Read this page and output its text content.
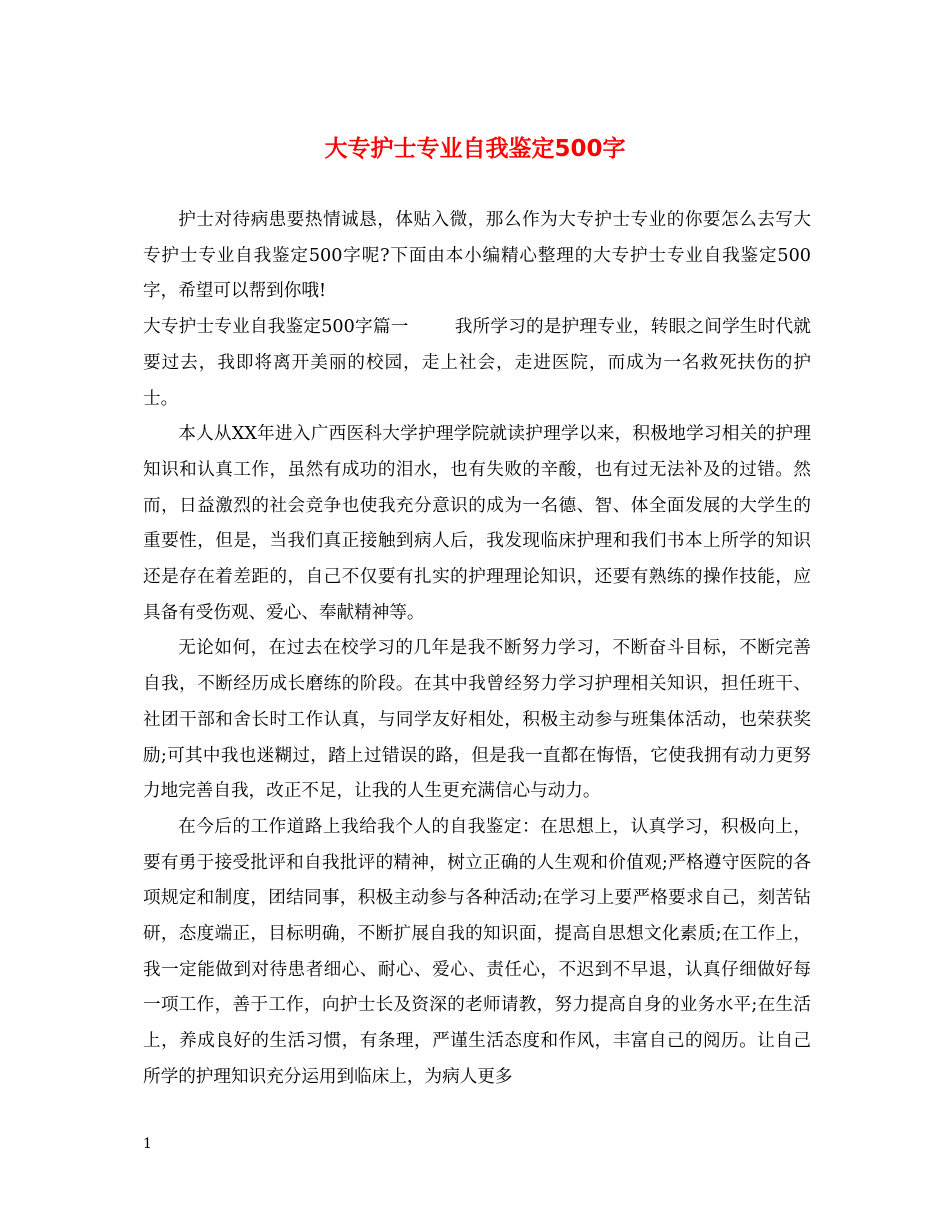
大专护士专业自我鉴定500字

护士对待病患要热情诚恳，体贴入微，那么作为大专护士专业的你要怎么去写大专护士专业自我鉴定500字呢?下面由本小编精心整理的大专护士专业自我鉴定500字，希望可以帮到你哦!

大专护士专业自我鉴定500字篇一	我所学习的是护理专业，转眼之间学生时代就要过去，我即将离开美丽的校园，走上社会，走进医院，而成为一名救死扶伤的护士。

本人从XX年进入广西医科大学护理学院就读护理学以来，积极地学习相关的护理知识和认真工作，虽然有成功的泪水，也有失败的辛酸，也有过无法补及的过错。然而，日益激烈的社会竞争也使我充分意识的成为一名德、智、体全面发展的大学生的重要性，但是，当我们真正接触到病人后，我发现临床护理和我们书本上所学的知识还是存在着差距的，自己不仅要有扎实的护理理论知识，还要有熟练的操作技能，应具备有受伤观、爱心、奉献精神等。

无论如何，在过去在校学习的几年是我不断努力学习，不断奋斗目标，不断完善自我，不断经历成长磨练的阶段。在其中我曾经努力学习护理相关知识，担任班干、社团干部和舍长时工作认真，与同学友好相处，积极主动参与班集体活动，也荣获奖励;可其中我也迷糊过，踏上过错误的路，但是我一直都在悔悟，它使我拥有动力更努力地完善自我，改正不足，让我的人生更充满信心与动力。

在今后的工作道路上我给我个人的自我鉴定：在思想上，认真学习，积极向上，要有勇于接受批评和自我批评的精神，树立正确的人生观和价值观;严格遵守医院的各项规定和制度，团结同事，积极主动参与各种活动;在学习上要严格要求自己，刻苦钻研，态度端正，目标明确，不断扩展自我的知识面，提高自思想文化素质;在工作上，我一定能做到对待患者细心、耐心、爱心、责任心，不迟到不早退，认真仔细做好每一项工作，善于工作，向护士长及资深的老师请教，努力提高自身的业务水平;在生活上，养成良好的生活习惯，有条理，严谨生活态度和作风，丰富自己的阅历。让自己所学的护理知识充分运用到临床上，为病人更多

1
